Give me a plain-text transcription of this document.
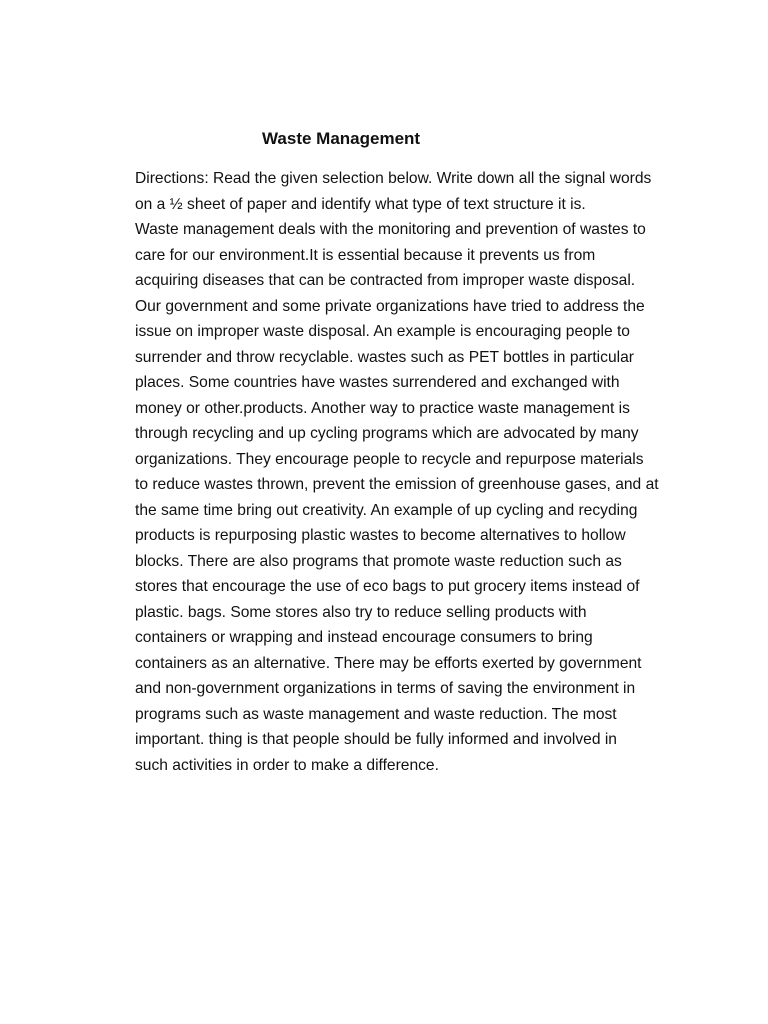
Waste Management
Directions: Read the given selection below. Write down all the signal words
on a ½ sheet of paper and identify what type of text structure it is.
Waste management deals with the monitoring and prevention of wastes to
care for our environment.It is essential because it prevents us from
acquiring diseases that can be contracted from improper waste disposal.
Our government and some private organizations have tried to address the
issue on improper waste disposal. An example is encouraging people to
surrender and throw recyclable. wastes such as PET bottles in particular
places. Some countries have wastes surrendered and exchanged with
money or other.products. Another way to practice waste management is
through recycling and up cycling programs which are advocated by many
organizations. They encourage people to recycle and repurpose materials
to reduce wastes thrown, prevent the emission of greenhouse gases, and at
the same time bring out creativity. An example of up cycling and recyding
products is repurposing plastic wastes to become alternatives to hollow
blocks. There are also programs that promote waste reduction such as
stores that encourage the use of eco bags to put grocery items instead of
plastic. bags. Some stores also try to reduce selling products with
containers or wrapping and instead encourage consumers to bring
containers as an alternative. There may be efforts exerted by government
and non-government organizations in terms of saving the environment in
programs such as waste management and waste reduction. The most
important. thing is that people should be fully informed and involved in
such activities in order to make a difference.
